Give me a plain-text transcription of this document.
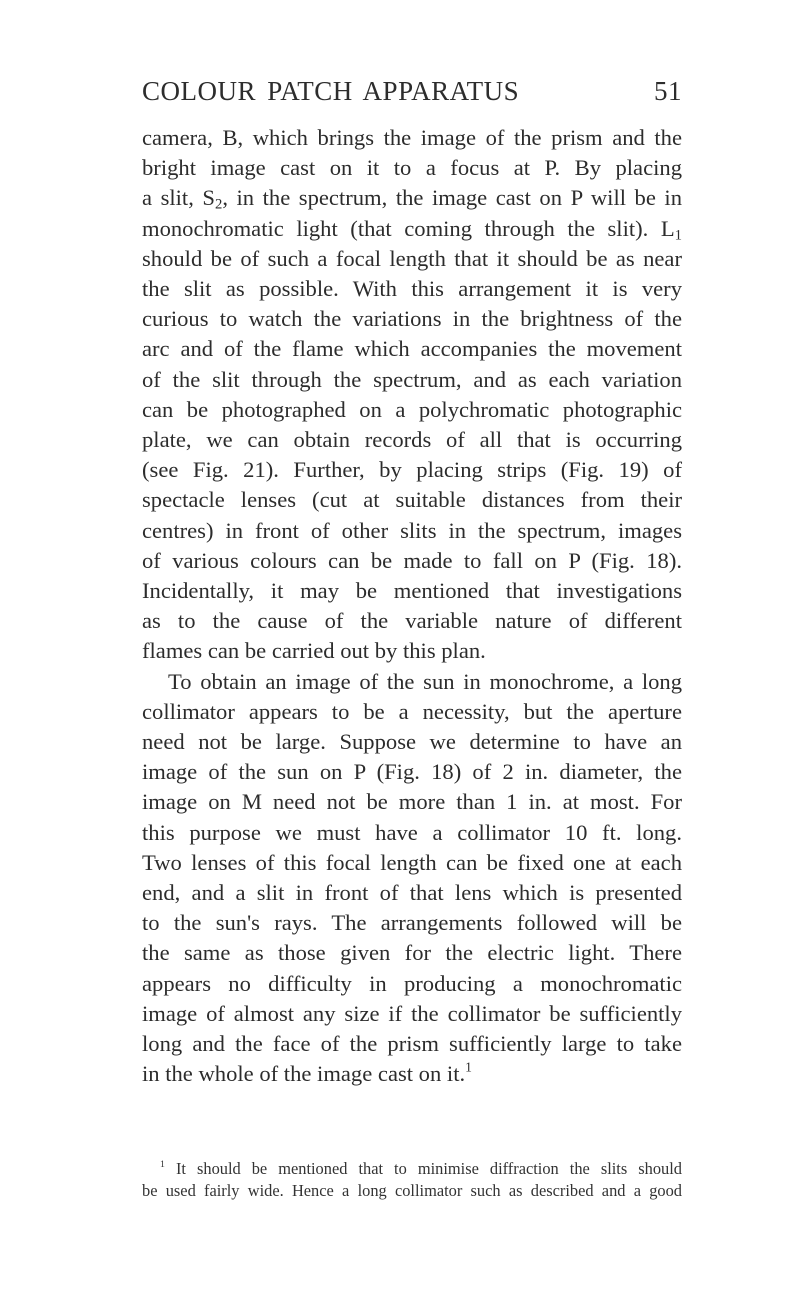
COLOUR PATCH APPARATUS	51

camera, B, which brings the image of the prism and the
bright image cast on it to a focus at P. By placing
a slit, $S_2$, in the spectrum, the image cast on P will be in
monochromatic light (that coming through the slit). $L_1$
should be of such a focal length that it should be as near
the slit as possible. With this arrangement it is very
curious to watch the variations in the brightness of the
arc and of the flame which accompanies the movement
of the slit through the spectrum, and as each variation
can be photographed on a polychromatic photographic
plate, we can obtain records of all that is occurring
(see Fig. 21). Further, by placing strips (Fig. 19) of
spectacle lenses (cut at suitable distances from their
centres) in front of other slits in the spectrum, images
of various colours can be made to fall on P (Fig. 18).
Incidentally, it may be mentioned that investigations
as to the cause of the variable nature of different
flames can be carried out by this plan.

To obtain an image of the sun in monochrome, a long
collimator appears to be a necessity, but the aperture
need not be large. Suppose we determine to have an
image of the sun on P (Fig. 18) of 2 in. diameter, the
image on M need not be more than 1 in. at most. For
this purpose we must have a collimator 10 ft. long.
Two lenses of this focal length can be fixed one at each
end, and a slit in front of that lens which is presented
to the sun's rays. The arrangements followed will be
the same as those given for the electric light. There
appears no difficulty in producing a monochromatic
image of almost any size if the collimator be sufficiently
long and the face of the prism sufficiently large to take
in the whole of the image cast on it.$^1$

$^1$ It should be mentioned that to minimise diffraction the slits should
be used fairly wide. Hence a long collimator such as described and a good
